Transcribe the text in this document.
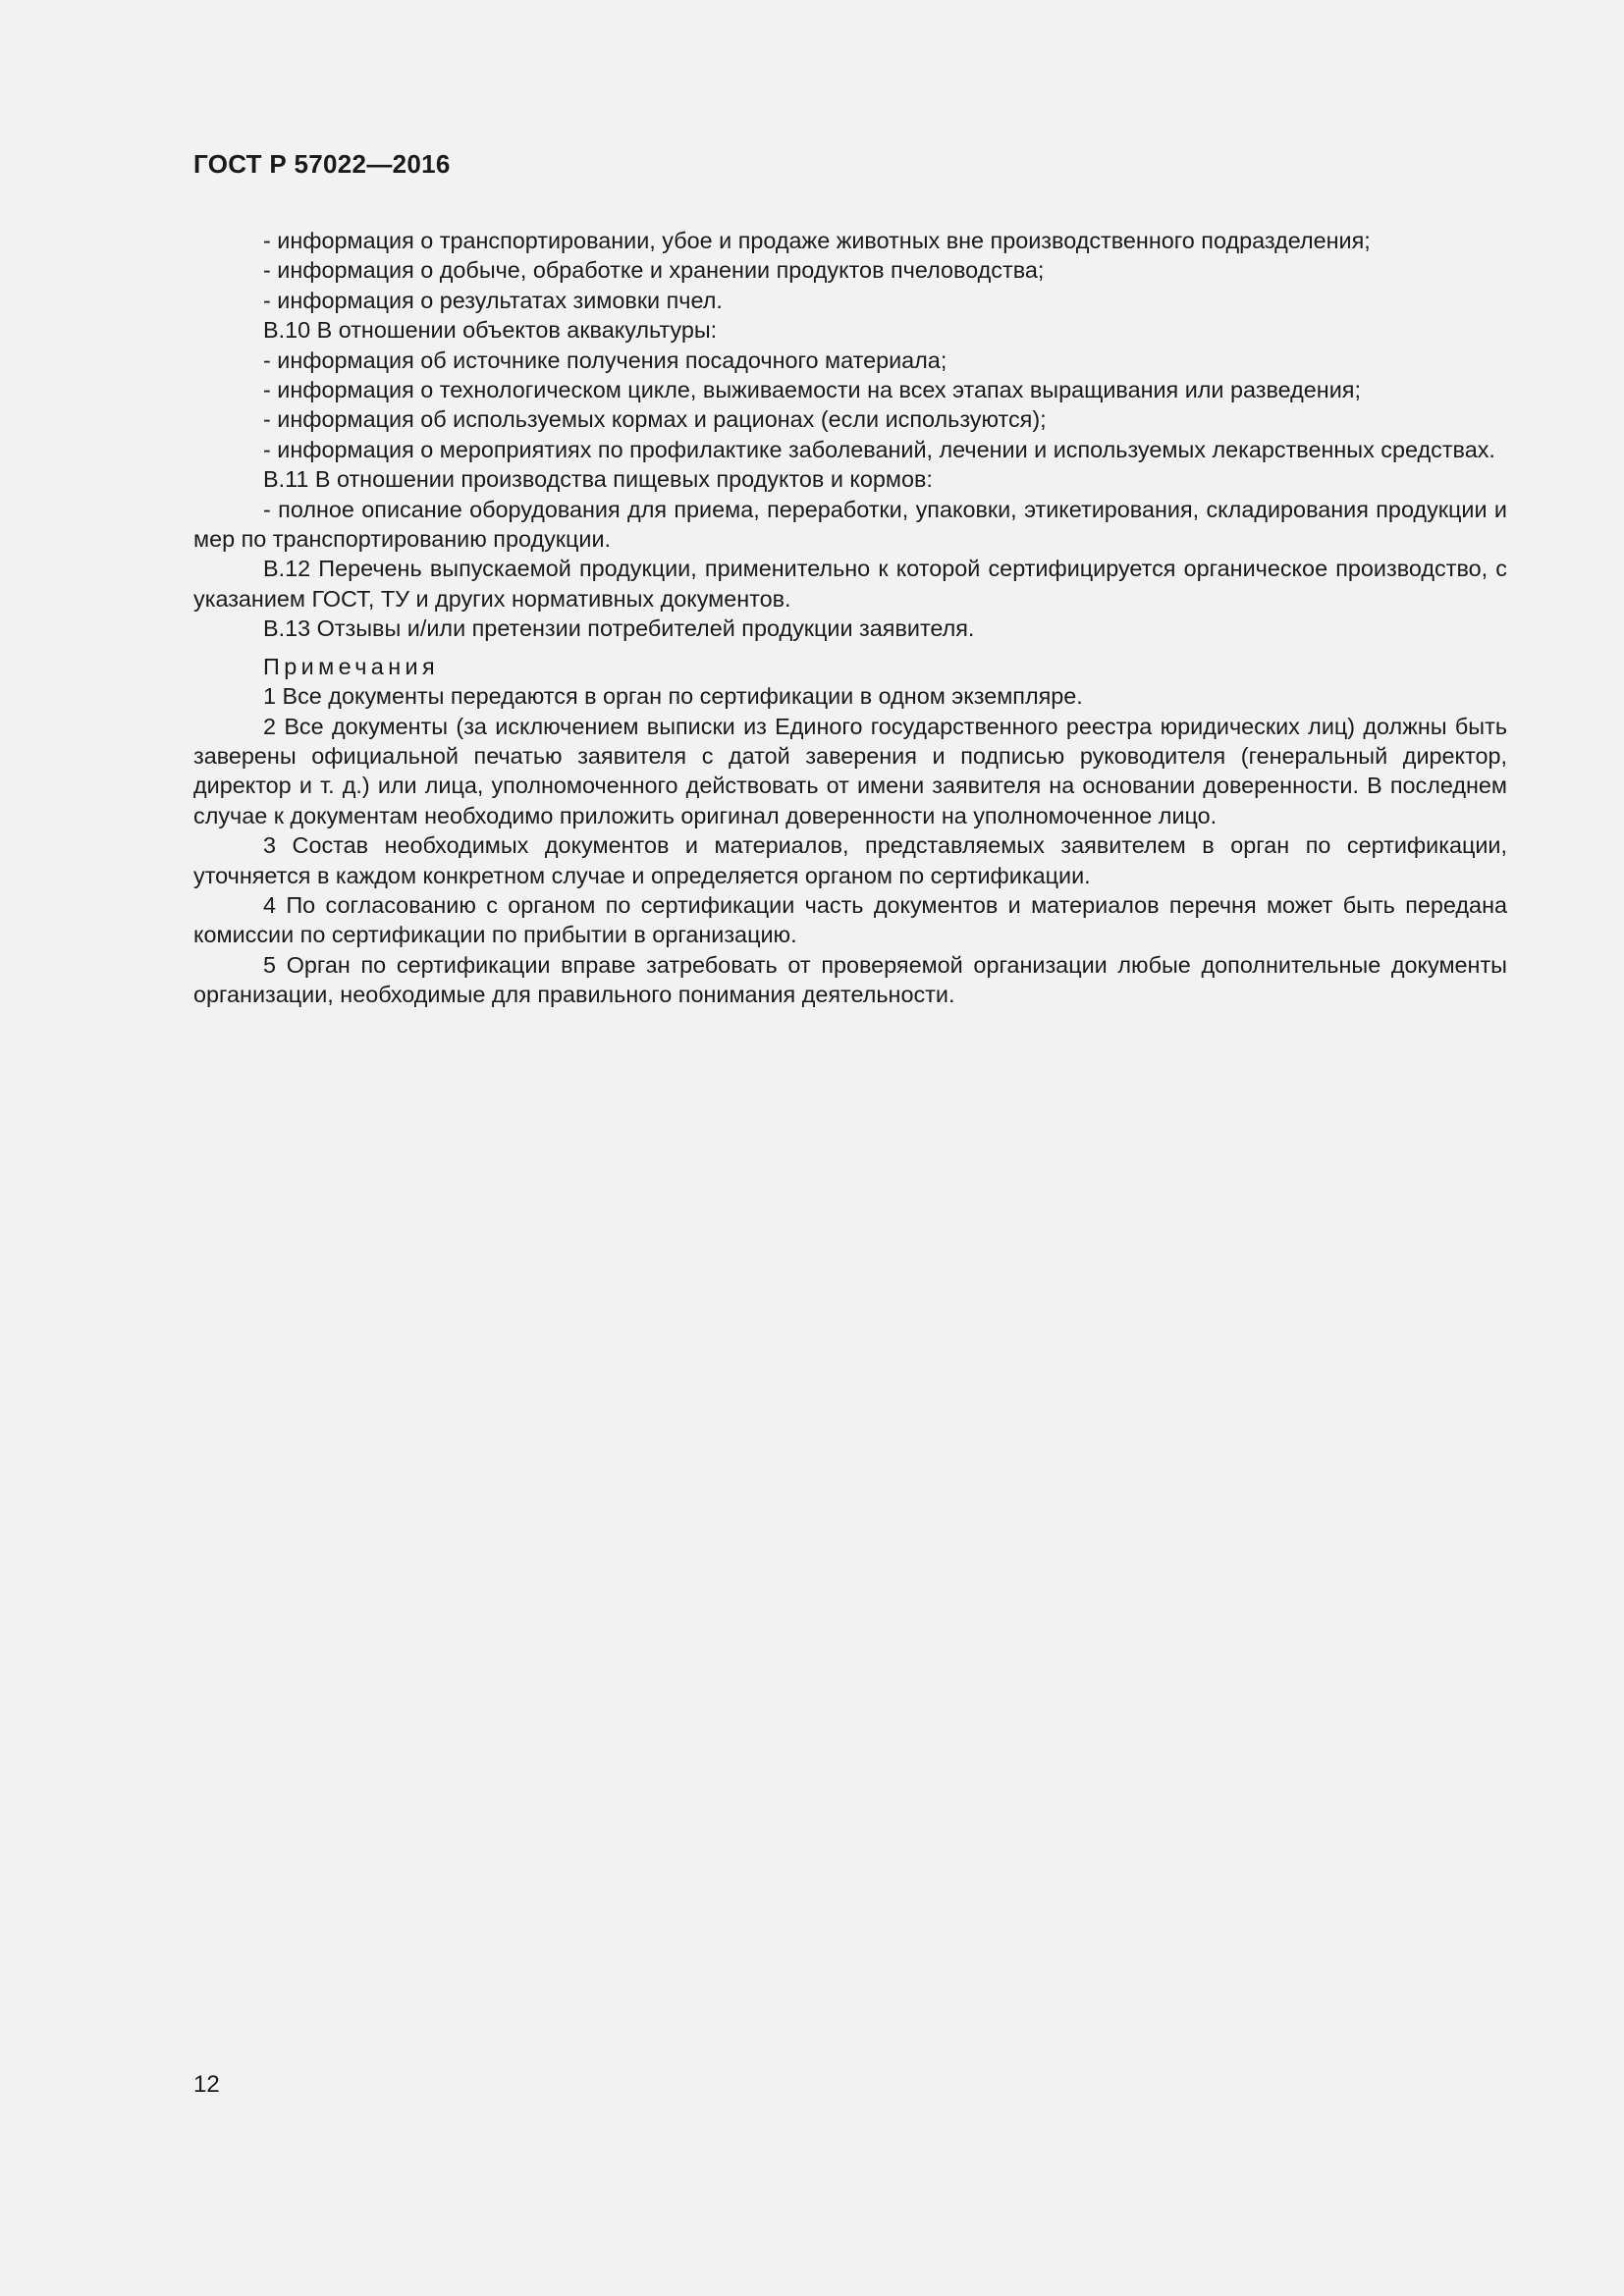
ГОСТ Р 57022—2016

- информация о транспортировании, убое и продаже животных вне производственного подразделения;

- информация о добыче, обработке и хранении продуктов пчеловодства;

- информация о результатах зимовки пчел.

В.10 В отношении объектов аквакультуры:

- информация об источнике получения посадочного материала;

- информация о технологическом цикле, выживаемости на всех этапах выращивания или разведения;

- информация об используемых кормах и рационах (если используются);

- информация о мероприятиях по профилактике заболеваний, лечении и используемых лекарственных средствах.

В.11 В отношении производства пищевых продуктов и кормов:

- полное описание оборудования для приема, переработки, упаковки, этикетирования, складирования продукции и мер по транспортированию продукции.

В.12 Перечень выпускаемой продукции, применительно к которой сертифицируется органическое производство, с указанием ГОСТ, ТУ и других нормативных документов.

В.13 Отзывы и/или претензии потребителей продукции заявителя.

Примечания

1 Все документы передаются в орган по сертификации в одном экземпляре.

2 Все документы (за исключением выписки из Единого государственного реестра юридических лиц) должны быть заверены официальной печатью заявителя с датой заверения и подписью руководителя (генеральный директор, директор и т. д.) или лица, уполномоченного действовать от имени заявителя на основании доверенности. В последнем случае к документам необходимо приложить оригинал доверенности на уполномоченное лицо.

3 Состав необходимых документов и материалов, представляемых заявителем в орган по сертификации, уточняется в каждом конкретном случае и определяется органом по сертификации.

4 По согласованию с органом по сертификации часть документов и материалов перечня может быть передана комиссии по сертификации по прибытии в организацию.

5 Орган по сертификации вправе затребовать от проверяемой организации любые дополнительные документы организации, необходимые для правильного понимания деятельности.

12
